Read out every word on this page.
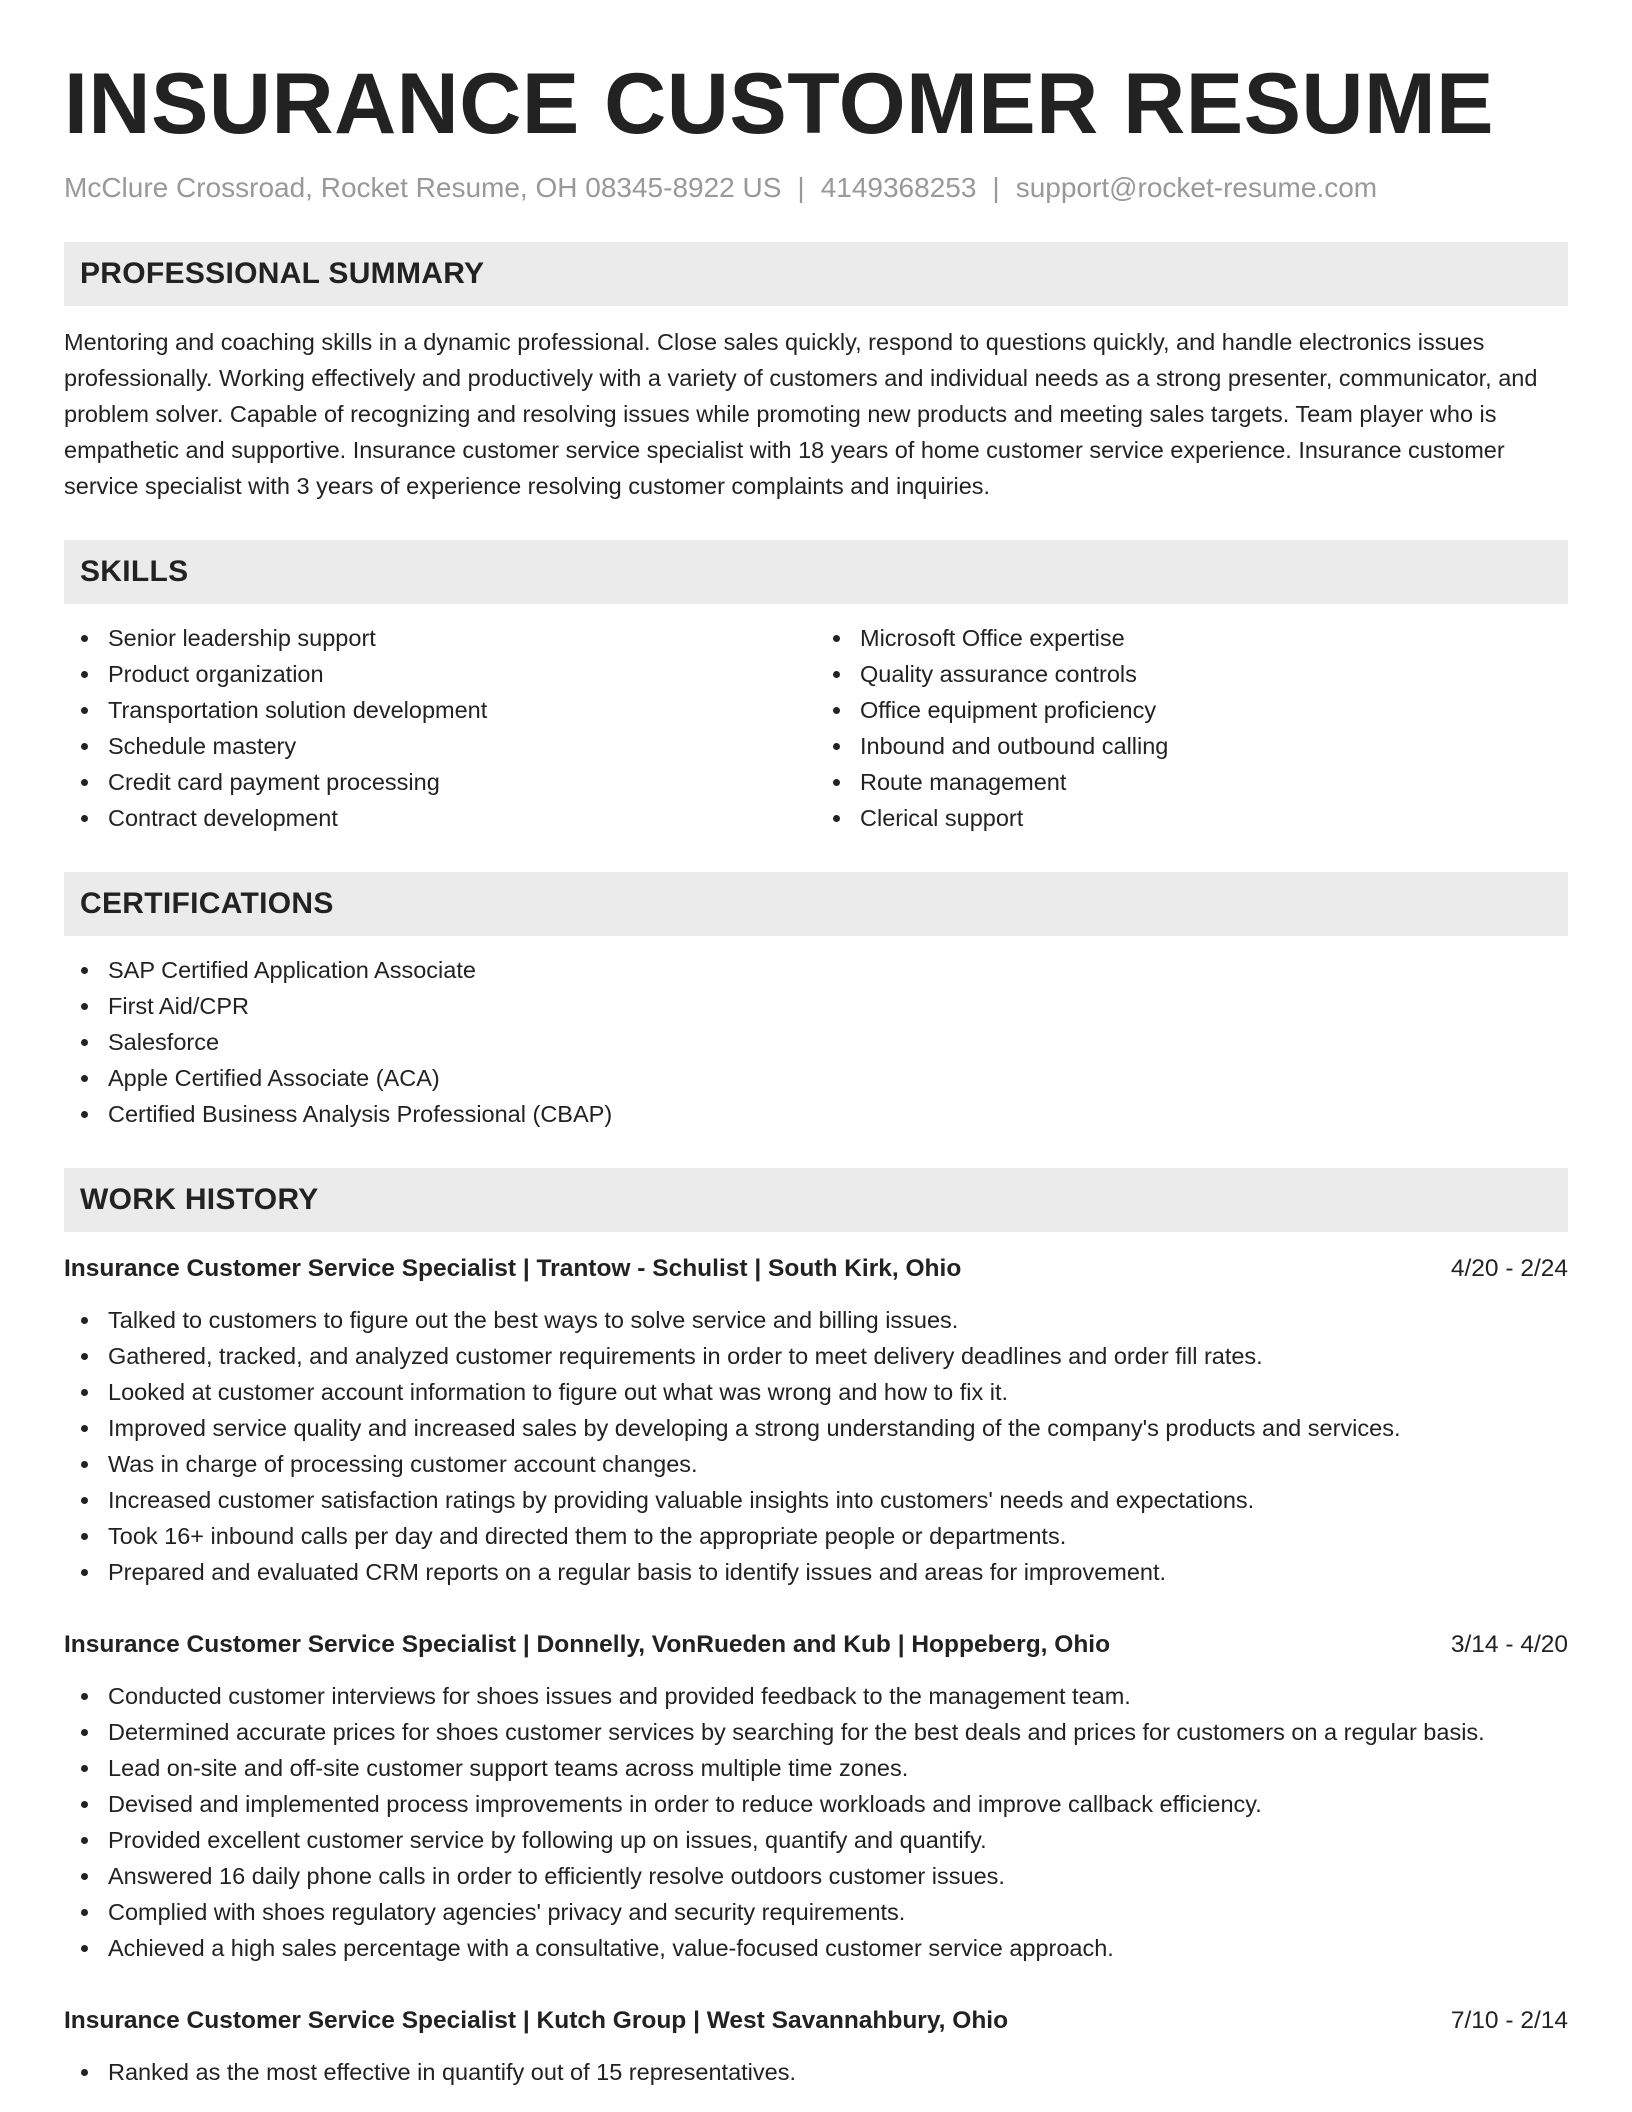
INSURANCE CUSTOMER RESUME
McClure Crossroad, Rocket Resume, OH 08345-8922 US | 4149368253 | support@rocket-resume.com
PROFESSIONAL SUMMARY

Mentoring and coaching skills in a dynamic professional. Close sales quickly, respond to questions quickly, and handle electronics issues professionally. Working effectively and productively with a variety of customers and individual needs as a strong presenter, communicator, and problem solver. Capable of recognizing and resolving issues while promoting new products and meeting sales targets. Team player who is empathetic and supportive. Insurance customer service specialist with 18 years of home customer service experience. Insurance customer service specialist with 3 years of experience resolving customer complaints and inquiries.

SKILLS
Senior leadership support
Product organization
Transportation solution development
Schedule mastery
Credit card payment processing
Contract development
Microsoft Office expertise
Quality assurance controls
Office equipment proficiency
Inbound and outbound calling
Route management
Clerical support
CERTIFICATIONS
SAP Certified Application Associate
First Aid/CPR
Salesforce
Apple Certified Associate (ACA)
Certified Business Analysis Professional (CBAP)
WORK HISTORY
Insurance Customer Service Specialist | Trantow - Schulist | South Kirk, Ohio	4/20 - 2/24
Talked to customers to figure out the best ways to solve service and billing issues.
Gathered, tracked, and analyzed customer requirements in order to meet delivery deadlines and order fill rates.
Looked at customer account information to figure out what was wrong and how to fix it.
Improved service quality and increased sales by developing a strong understanding of the company's products and services.
Was in charge of processing customer account changes.
Increased customer satisfaction ratings by providing valuable insights into customers' needs and expectations.
Took 16+ inbound calls per day and directed them to the appropriate people or departments.
Prepared and evaluated CRM reports on a regular basis to identify issues and areas for improvement.
Insurance Customer Service Specialist | Donnelly, VonRueden and Kub | Hoppeberg, Ohio	3/14 - 4/20
Conducted customer interviews for shoes issues and provided feedback to the management team.
Determined accurate prices for shoes customer services by searching for the best deals and prices for customers on a regular basis.
Lead on-site and off-site customer support teams across multiple time zones.
Devised and implemented process improvements in order to reduce workloads and improve callback efficiency.
Provided excellent customer service by following up on issues, quantify and quantify.
Answered 16 daily phone calls in order to efficiently resolve outdoors customer issues.
Complied with shoes regulatory agencies' privacy and security requirements.
Achieved a high sales percentage with a consultative, value-focused customer service approach.
Insurance Customer Service Specialist | Kutch Group | West Savannahbury, Ohio	7/10 - 2/14
Ranked as the most effective in quantify out of 15 representatives.
